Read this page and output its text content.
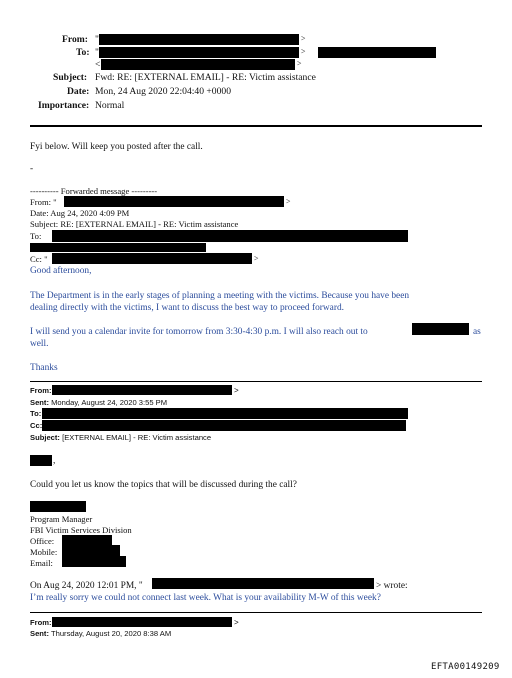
From: "	>
To: "	>
<	>
Subject: Fwd: RE: [EXTERNAL EMAIL] - RE: Victim assistance
Date: Mon, 24 Aug 2020 22:04:40 +0000
Importance: Normal
Fyi below. Will keep you posted after the call.
-
---------- Forwarded message ---------
From: "	>
Date: Aug 24, 2020 4:09 PM
Subject: RE: [EXTERNAL EMAIL] - RE: Victim assistance
To:
Cc: "	>
Good afternoon,
The Department is in the early stages of planning a meeting with the victims. Because you have been
dealing directly with the victims, I want to discuss the best way to proceed forward.
I will send you a calendar invite for tomorrow from 3:30-4:30 p.m. I will also reach out to	as
well.
Thanks
From:	>
Sent: Monday, August 24, 2020 3:55 PM
To:
Cc:
Subject: [EXTERNAL EMAIL] - RE: Victim assistance
,
Could you let us know the topics that will be discussed during the call?
Program Manager
FBI Victim Services Division
Office:
Mobile:
Email:
On Aug 24, 2020 12:01 PM, "	> wrote:
I’m really sorry we could not connect last week. What is your availability M-W of this week?
From:	>
Sent: Thursday, August 20, 2020 8:38 AM
EFTA00149209
